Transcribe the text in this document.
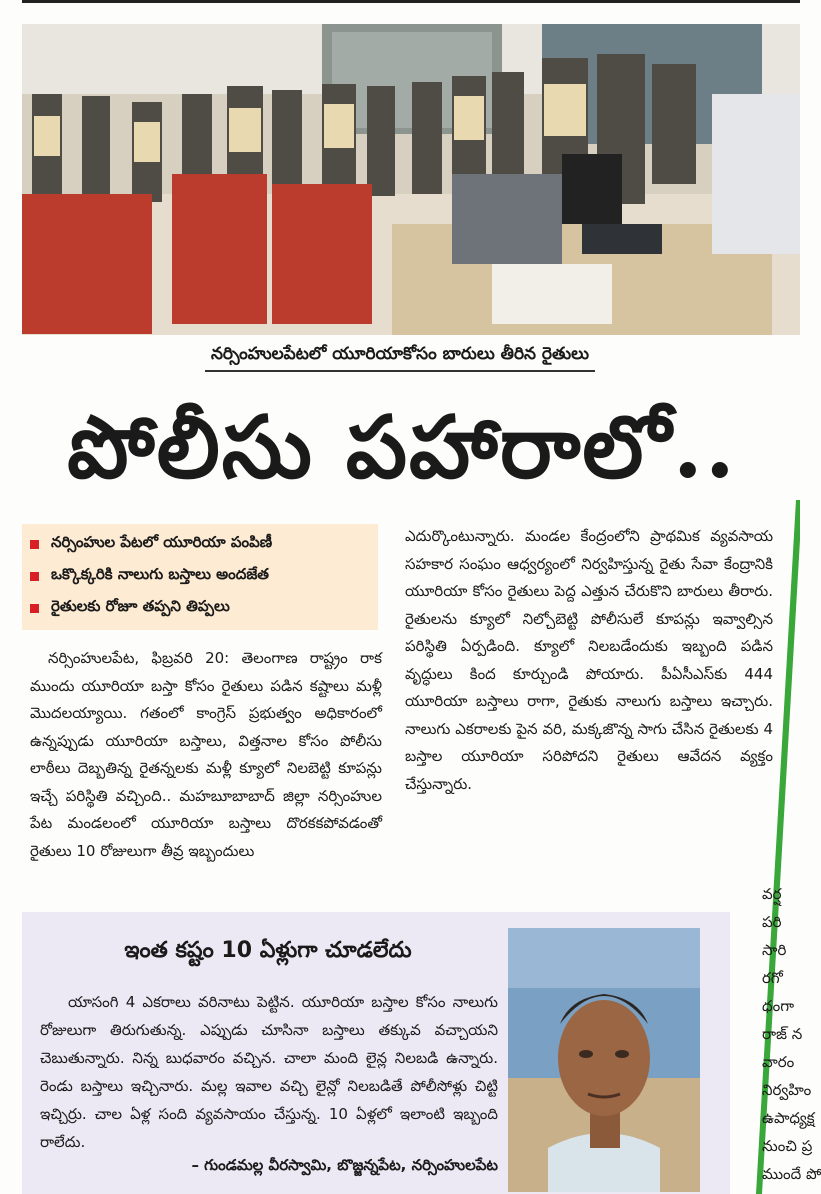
నర్సింహులపేటలో యూరియాకోసం బారులు తీరిన రైతులు
పోలీసు పహారాలో..
నర్సింహుల పేటలో యూరియా పంపిణీ
ఒక్కొక్కరికి నాలుగు బస్తాలు అందజేత
రైతులకు రోజూ తప్పని తిప్పలు

నర్సింహులపేట, ఫిబ్రవరి 20: తెలంగాణ రాష్ట్రం రాక ముందు యూరియా బస్తా కోసం రైతులు పడిన కష్టాలు మళ్లీ మొదలయ్యాయి. గతంలో కాంగ్రెస్ ప్రభుత్వం అధికారంలో ఉన్నప్పుడు యూరియా బస్తాలు, విత్తనాల కోసం పోలీసు లాఠీలు దెబ్బతిన్న రైతన్నలకు మళ్లీ క్యూలో నిలబెట్టి కూపన్లు ఇచ్చే పరిస్థితి వచ్చింది.. మహబూబాబాద్ జిల్లా నర్సింహుల పేట మండలంలో యూరియా బస్తాలు దొరకకపోవడంతో రైతులు 10 రోజులుగా తీవ్ర ఇబ్బందులు

ఎదుర్కొంటున్నారు. మండల కేంద్రంలోని ప్రాథమిక వ్యవసాయ సహకార సంఘం ఆధ్వర్యంలో నిర్వహిస్తున్న రైతు సేవా కేంద్రానికి యూరియా కోసం రైతులు పెద్ద ఎత్తున చేరుకొని బారులు తీరారు. రైతులను క్యూలో నిల్చోబెట్టి పోలీసులే కూపన్లు ఇవ్వాల్సిన పరిస్థితి ఏర్పడింది. క్యూలో నిలబడేందుకు ఇబ్బంది పడిన వృద్ధులు కింద కూర్చుండి పోయారు. పీఏసీఎస్‌కు 444 యూరియా బస్తాలు రాగా, రైతుకు నాలుగు బస్తాలు ఇచ్చారు. నాలుగు ఎకరాలకు పైన వరి, మక్కజొన్న సాగు చేసిన రైతులకు 4 బస్తాల యూరియా సరిపోదని రైతులు ఆవేదన వ్యక్తం చేస్తున్నారు.

వర్ష
పరి
సారి
రగో
ధంగా
రాజ్ న
వారం
నిర్వహిం
ఉపాధ్యక్ష
నుంచి ప్ర
ముందే పో
ఇంత కష్టం 10 ఏళ్లుగా చూడలేదు

యాసంగి 4 ఎకరాలు వరినాటు పెట్టిన. యూరియా బస్తాల కోసం నాలుగు రోజులుగా తిరుగుతున్న. ఎప్పుడు చూసినా బస్తాలు తక్కువ వచ్చాయని చెబుతున్నారు. నిన్న బుధవారం వచ్చిన. చాలా మంది లైన్ల నిలబడి ఉన్నారు. రెండు బస్తాలు ఇచ్చినారు. మల్ల ఇవాల వచ్చి లైన్లో నిలబడితే పోలీసోళ్లు చిట్టి ఇచ్చిర్రు. చాల ఏళ్ల సంది వ్యవసాయం చేస్తున్న. 10 ఏళ్లలో ఇలాంటి ఇబ్బంది రాలేదు.

– గుండమల్ల వీరస్వామి, బొజ్జన్నపేట, నర్సింహులపేట
